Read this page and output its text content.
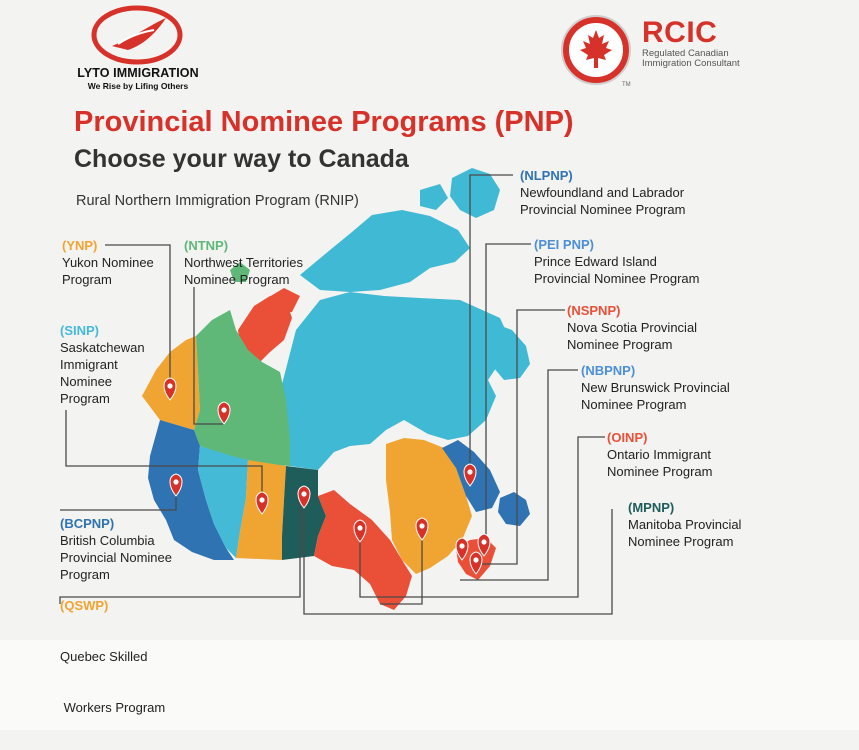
LYTO IMMIGRATION
We Rise by Lifing Others	TM
RCIC
Regulated Canadian
Immigration Consultant
Provincial Nominee Programs (PNP)
Choose your way to Canada
Rural Northern Immigration Program (RNIP)
(YNP)
Yukon Nominee
Program
(NTNP)
Northwest Territories
Nominee Program
(SINP)
Saskatchewan
Immigrant
Nominee
Program
(BCPNP)
British Columbia
Provincial Nominee
Program
(QSWP)

Quebec Skilled

Workers Program

(NLPNP)
Newfoundland and Labrador
Provincial Nominee Program
(PEI PNP)
Prince Edward Island
Provincial Nominee Program
(NSPNP)
Nova Scotia Provincial
Nominee Program
(NBPNP)
New Brunswick Provincial
Nominee Program
(OINP)
Ontario Immigrant
Nominee Program
(MPNP)
Manitoba Provincial
Nominee Program
